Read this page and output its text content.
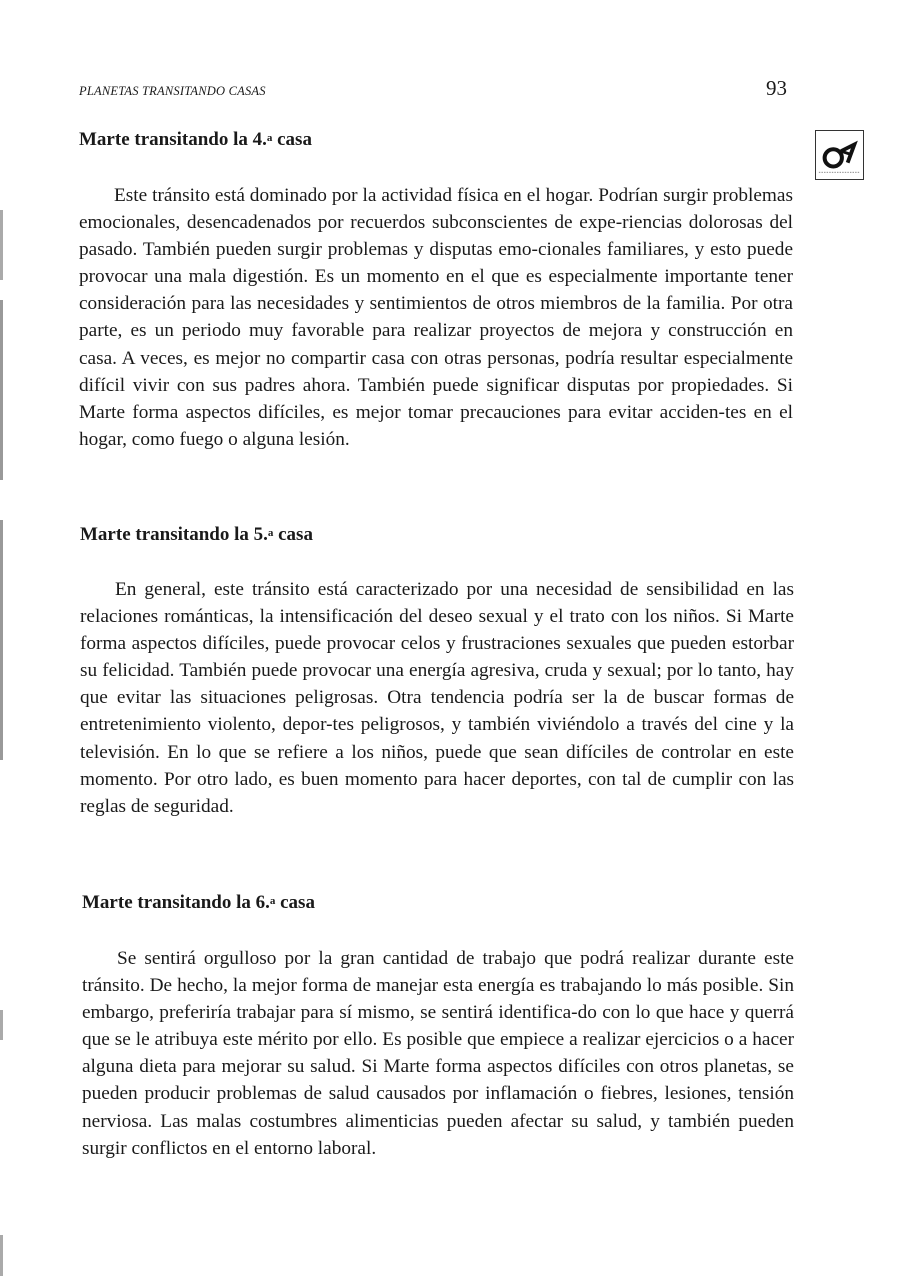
PLANETAS TRANSITANDO CASAS	93
Marte transitando la 4.$^a$ casa

Este tránsito está dominado por la actividad física en el hogar. Podrían surgir problemas emocionales, desencadenados por recuerdos subconscientes de expe-riencias dolorosas del pasado. También pueden surgir problemas y disputas emo-cionales familiares, y esto puede provocar una mala digestión. Es un momento en el que es especialmente importante tener consideración para las necesidades y sentimientos de otros miembros de la familia. Por otra parte, es un periodo muy favorable para realizar proyectos de mejora y construcción en casa. A veces, es mejor no compartir casa con otras personas, podría resultar especialmente difícil vivir con sus padres ahora. También puede significar disputas por propiedades. Si Marte forma aspectos difíciles, es mejor tomar precauciones para evitar acciden-tes en el hogar, como fuego o alguna lesión.

Marte transitando la 5.$^a$ casa

En general, este tránsito está caracterizado por una necesidad de sensibilidad en las relaciones románticas, la intensificación del deseo sexual y el trato con los niños. Si Marte forma aspectos difíciles, puede provocar celos y frustraciones sexuales que pueden estorbar su felicidad. También puede provocar una energía agresiva, cruda y sexual; por lo tanto, hay que evitar las situaciones peligrosas. Otra tendencia podría ser la de buscar formas de entretenimiento violento, depor-tes peligrosos, y también viviéndolo a través del cine y la televisión. En lo que se refiere a los niños, puede que sean difíciles de controlar en este momento. Por otro lado, es buen momento para hacer deportes, con tal de cumplir con las reglas de seguridad.

Marte transitando la 6.$^a$ casa

Se sentirá orgulloso por la gran cantidad de trabajo que podrá realizar durante este tránsito. De hecho, la mejor forma de manejar esta energía es trabajando lo más posible. Sin embargo, preferiría trabajar para sí mismo, se sentirá identifica-do con lo que hace y querrá que se le atribuya este mérito por ello. Es posible que empiece a realizar ejercicios o a hacer alguna dieta para mejorar su salud. Si Marte forma aspectos difíciles con otros planetas, se pueden producir problemas de salud causados por inflamación o fiebres, lesiones, tensión nerviosa. Las malas costumbres alimenticias pueden afectar su salud, y también pueden surgir conflictos en el entorno laboral.
